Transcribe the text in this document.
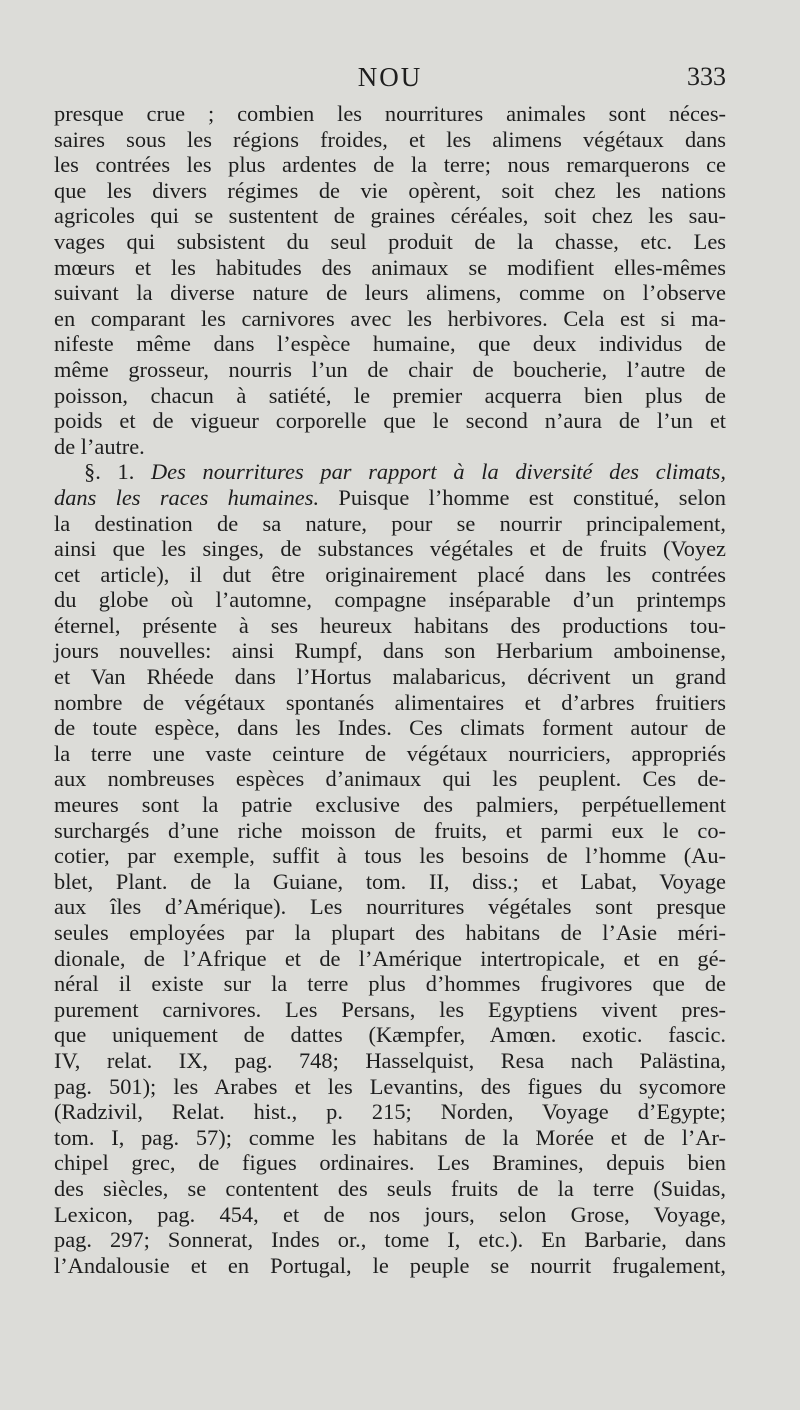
NOU	333
presque crue ; combien les nourritures animales sont néces-
saires sous les régions froides, et les alimens végétaux dans
les contrées les plus ardentes de la terre; nous remarquerons ce
que les divers régimes de vie opèrent, soit chez les nations
agricoles qui se sustentent de graines céréales, soit chez les sau-
vages qui subsistent du seul produit de la chasse, etc. Les
mœurs et les habitudes des animaux se modifient elles-mêmes
suivant la diverse nature de leurs alimens, comme on l’observe
en comparant les carnivores avec les herbivores. Cela est si ma-
nifeste même dans l’espèce humaine, que deux individus de
même grosseur, nourris l’un de chair de boucherie, l’autre de
poisson, chacun à satiété, le premier acquerra bien plus de
poids et de vigueur corporelle que le second n’aura de l’un et
de l’autre.
§. 1. Des nourritures par rapport à la diversité des climats,
dans les races humaines. Puisque l’homme est constitué, selon
la destination de sa nature, pour se nourrir principalement,
ainsi que les singes, de substances végétales et de fruits (Voyez
cet article), il dut être originairement placé dans les contrées
du globe où l’automne, compagne inséparable d’un printemps
éternel, présente à ses heureux habitans des productions tou-
jours nouvelles: ainsi Rumpf, dans son Herbarium amboinense,
et Van Rhéede dans l’Hortus malabaricus, décrivent un grand
nombre de végétaux spontanés alimentaires et d’arbres fruitiers
de toute espèce, dans les Indes. Ces climats forment autour de
la terre une vaste ceinture de végétaux nourriciers, appropriés
aux nombreuses espèces d’animaux qui les peuplent. Ces de-
meures sont la patrie exclusive des palmiers, perpétuellement
surchargés d’une riche moisson de fruits, et parmi eux le co-
cotier, par exemple, suffit à tous les besoins de l’homme (Au-
blet, Plant. de la Guiane, tom. II, diss.; et Labat, Voyage
aux îles d’Amérique). Les nourritures végétales sont presque
seules employées par la plupart des habitans de l’Asie méri-
dionale, de l’Afrique et de l’Amérique intertropicale, et en gé-
néral il existe sur la terre plus d’hommes frugivores que de
purement carnivores. Les Persans, les Egyptiens vivent pres-
que uniquement de dattes (Kæmpfer, Amœn. exotic. fascic.
IV, relat. IX, pag. 748; Hasselquist, Resa nach Palästina,
pag. 501); les Arabes et les Levantins, des figues du sycomore
(Radzivil, Relat. hist., p. 215; Norden, Voyage d’Egypte;
tom. I, pag. 57); comme les habitans de la Morée et de l’Ar-
chipel grec, de figues ordinaires. Les Bramines, depuis bien
des siècles, se contentent des seuls fruits de la terre (Suidas,
Lexicon, pag. 454, et de nos jours, selon Grose, Voyage,
pag. 297; Sonnerat, Indes or., tome I, etc.). En Barbarie, dans
l’Andalousie et en Portugal, le peuple se nourrit frugalement,
